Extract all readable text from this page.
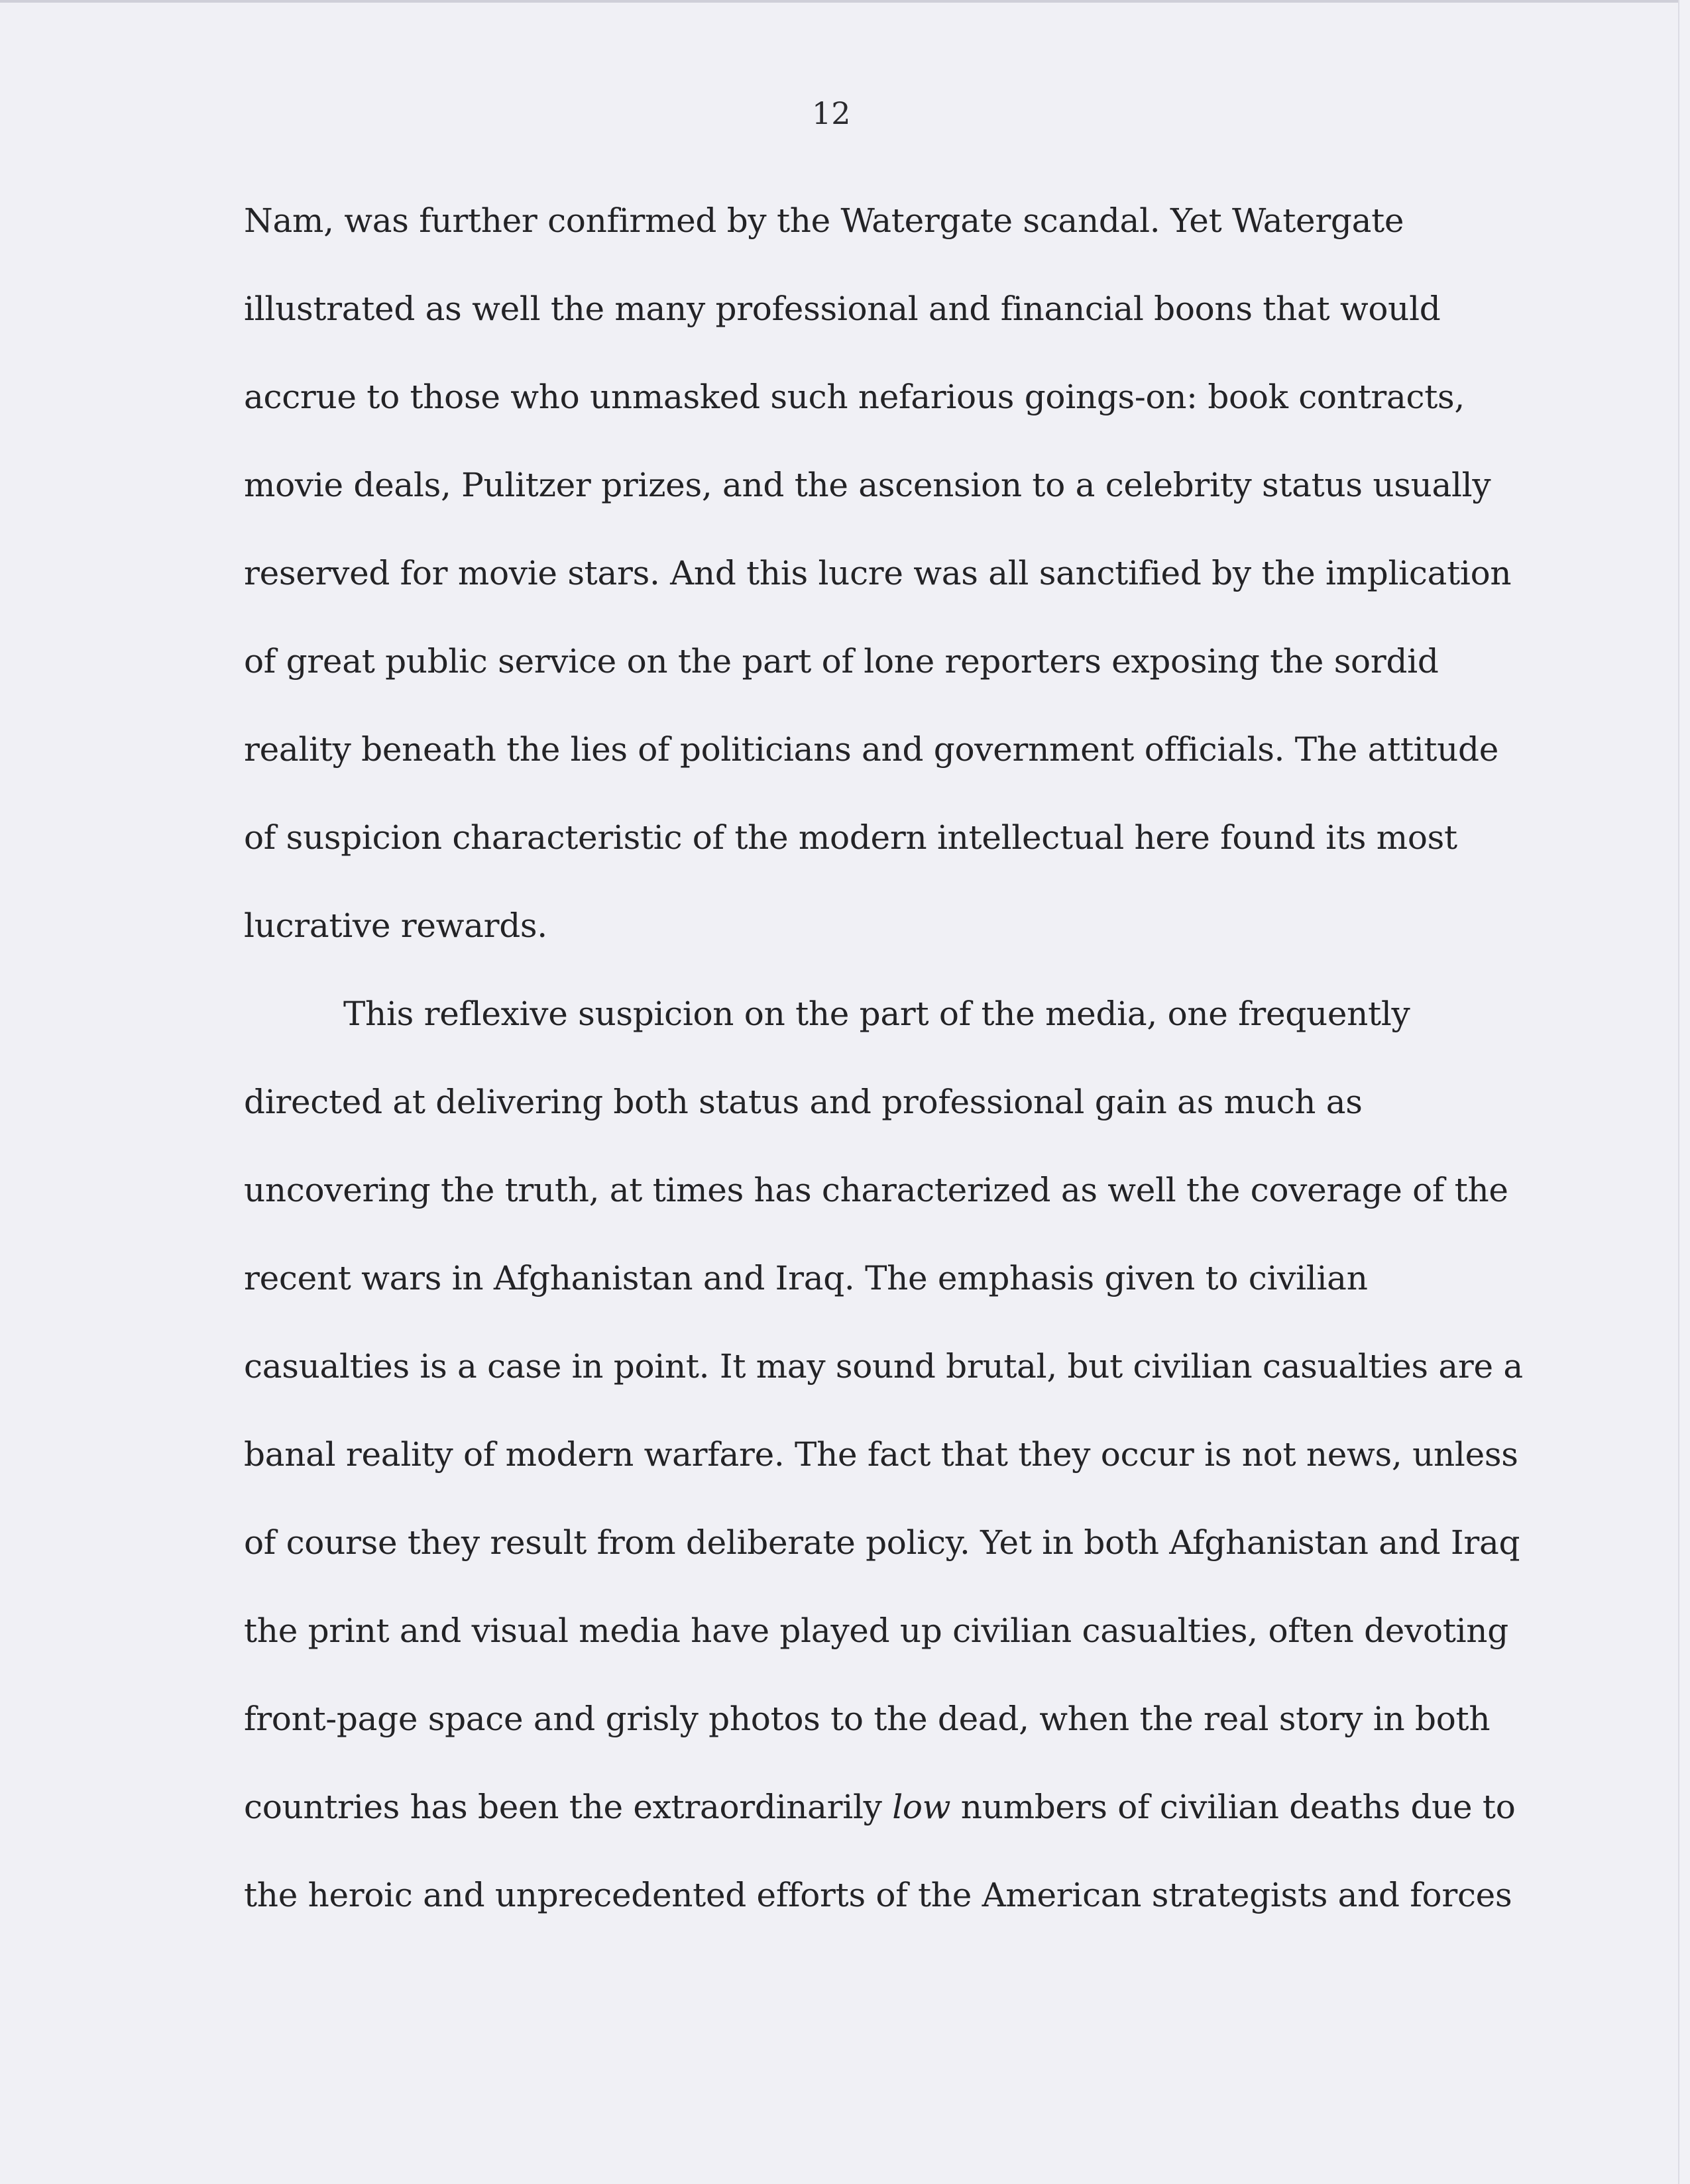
12

Nam, was further confirmed by the Watergate scandal. Yet Watergate
illustrated as well the many professional and financial boons that would
accrue to those who unmasked such nefarious goings-on: book contracts,
movie deals, Pulitzer prizes, and the ascension to a celebrity status usually
reserved for movie stars. And this lucre was all sanctified by the implication
of great public service on the part of lone reporters exposing the sordid
reality beneath the lies of politicians and government officials. The attitude
of suspicion characteristic of the modern intellectual here found its most
lucrative rewards.
This reflexive suspicion on the part of the media, one frequently
directed at delivering both status and professional gain as much as
uncovering the truth, at times has characterized as well the coverage of the
recent wars in Afghanistan and Iraq. The emphasis given to civilian
casualties is a case in point. It may sound brutal, but civilian casualties are a
banal reality of modern warfare. The fact that they occur is not news, unless
of course they result from deliberate policy. Yet in both Afghanistan and Iraq
the print and visual media have played up civilian casualties, often devoting
front-page space and grisly photos to the dead, when the real story in both
countries has been the extraordinarily low numbers of civilian deaths due to
the heroic and unprecedented efforts of the American strategists and forces
